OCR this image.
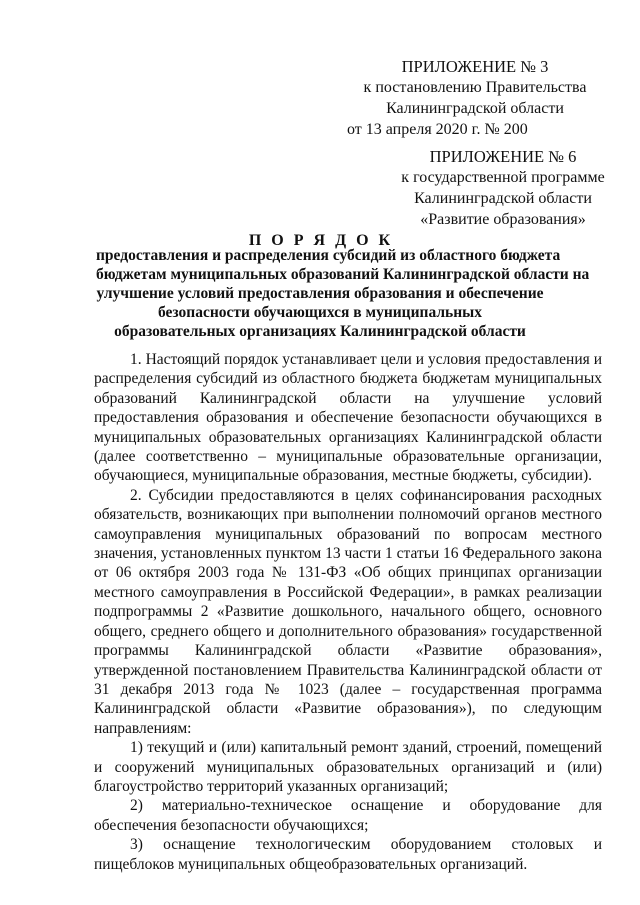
ПРИЛОЖЕНИЕ № 3
к постановлению Правительства
Калининградской области
от 13 апреля 2020 г. № 200
ПРИЛОЖЕНИЕ № 6
к государственной программе
Калининградской области
«Развитие образования»
П О Р Я Д О К
предоставления и распределения субсидий из областного бюджета
бюджетам муниципальных образований Калининградской области на
улучшение условий предоставления образования и обеспечение
безопасности обучающихся в муниципальных
образовательных организациях Калининградской области

1. Настоящий порядок устанавливает цели и условия предоставления и распределения субсидий из областного бюджета бюджетам муниципальных образований Калининградской области на улучшение условий предоставления образования и обеспечение безопасности обучающихся в муниципальных образовательных организациях Калининградской области (далее соответственно – муниципальные образовательные организации, обучающиеся, муниципальные образования, местные бюджеты, субсидии).

2. Субсидии предоставляются в целях софинансирования расходных обязательств, возникающих при выполнении полномочий органов местного самоуправления муниципальных образований по вопросам местного значения, установленных пунктом 13 части 1 статьи 16 Федерального закона от 06 октября 2003 года № 131-ФЗ «Об общих принципах организации местного самоуправления в Российской Федерации», в рамках реализации подпрограммы 2 «Развитие дошкольного, начального общего, основного общего, среднего общего и дополнительного образования» государственной программы Калининградской области «Развитие образования», утвержденной постановлением Правительства Калининградской области от 31 декабря 2013 года № 1023 (далее – государственная программа Калининградской области «Развитие образования»), по следующим направлениям:

1) текущий и (или) капитальный ремонт зданий, строений, помещений и сооружений муниципальных образовательных организаций и (или) благоустройство территорий указанных организаций;

2) материально-техническое оснащение и оборудование для обеспечения безопасности обучающихся;

3) оснащение технологическим оборудованием столовых и пищеблоков муниципальных общеобразовательных организаций.
